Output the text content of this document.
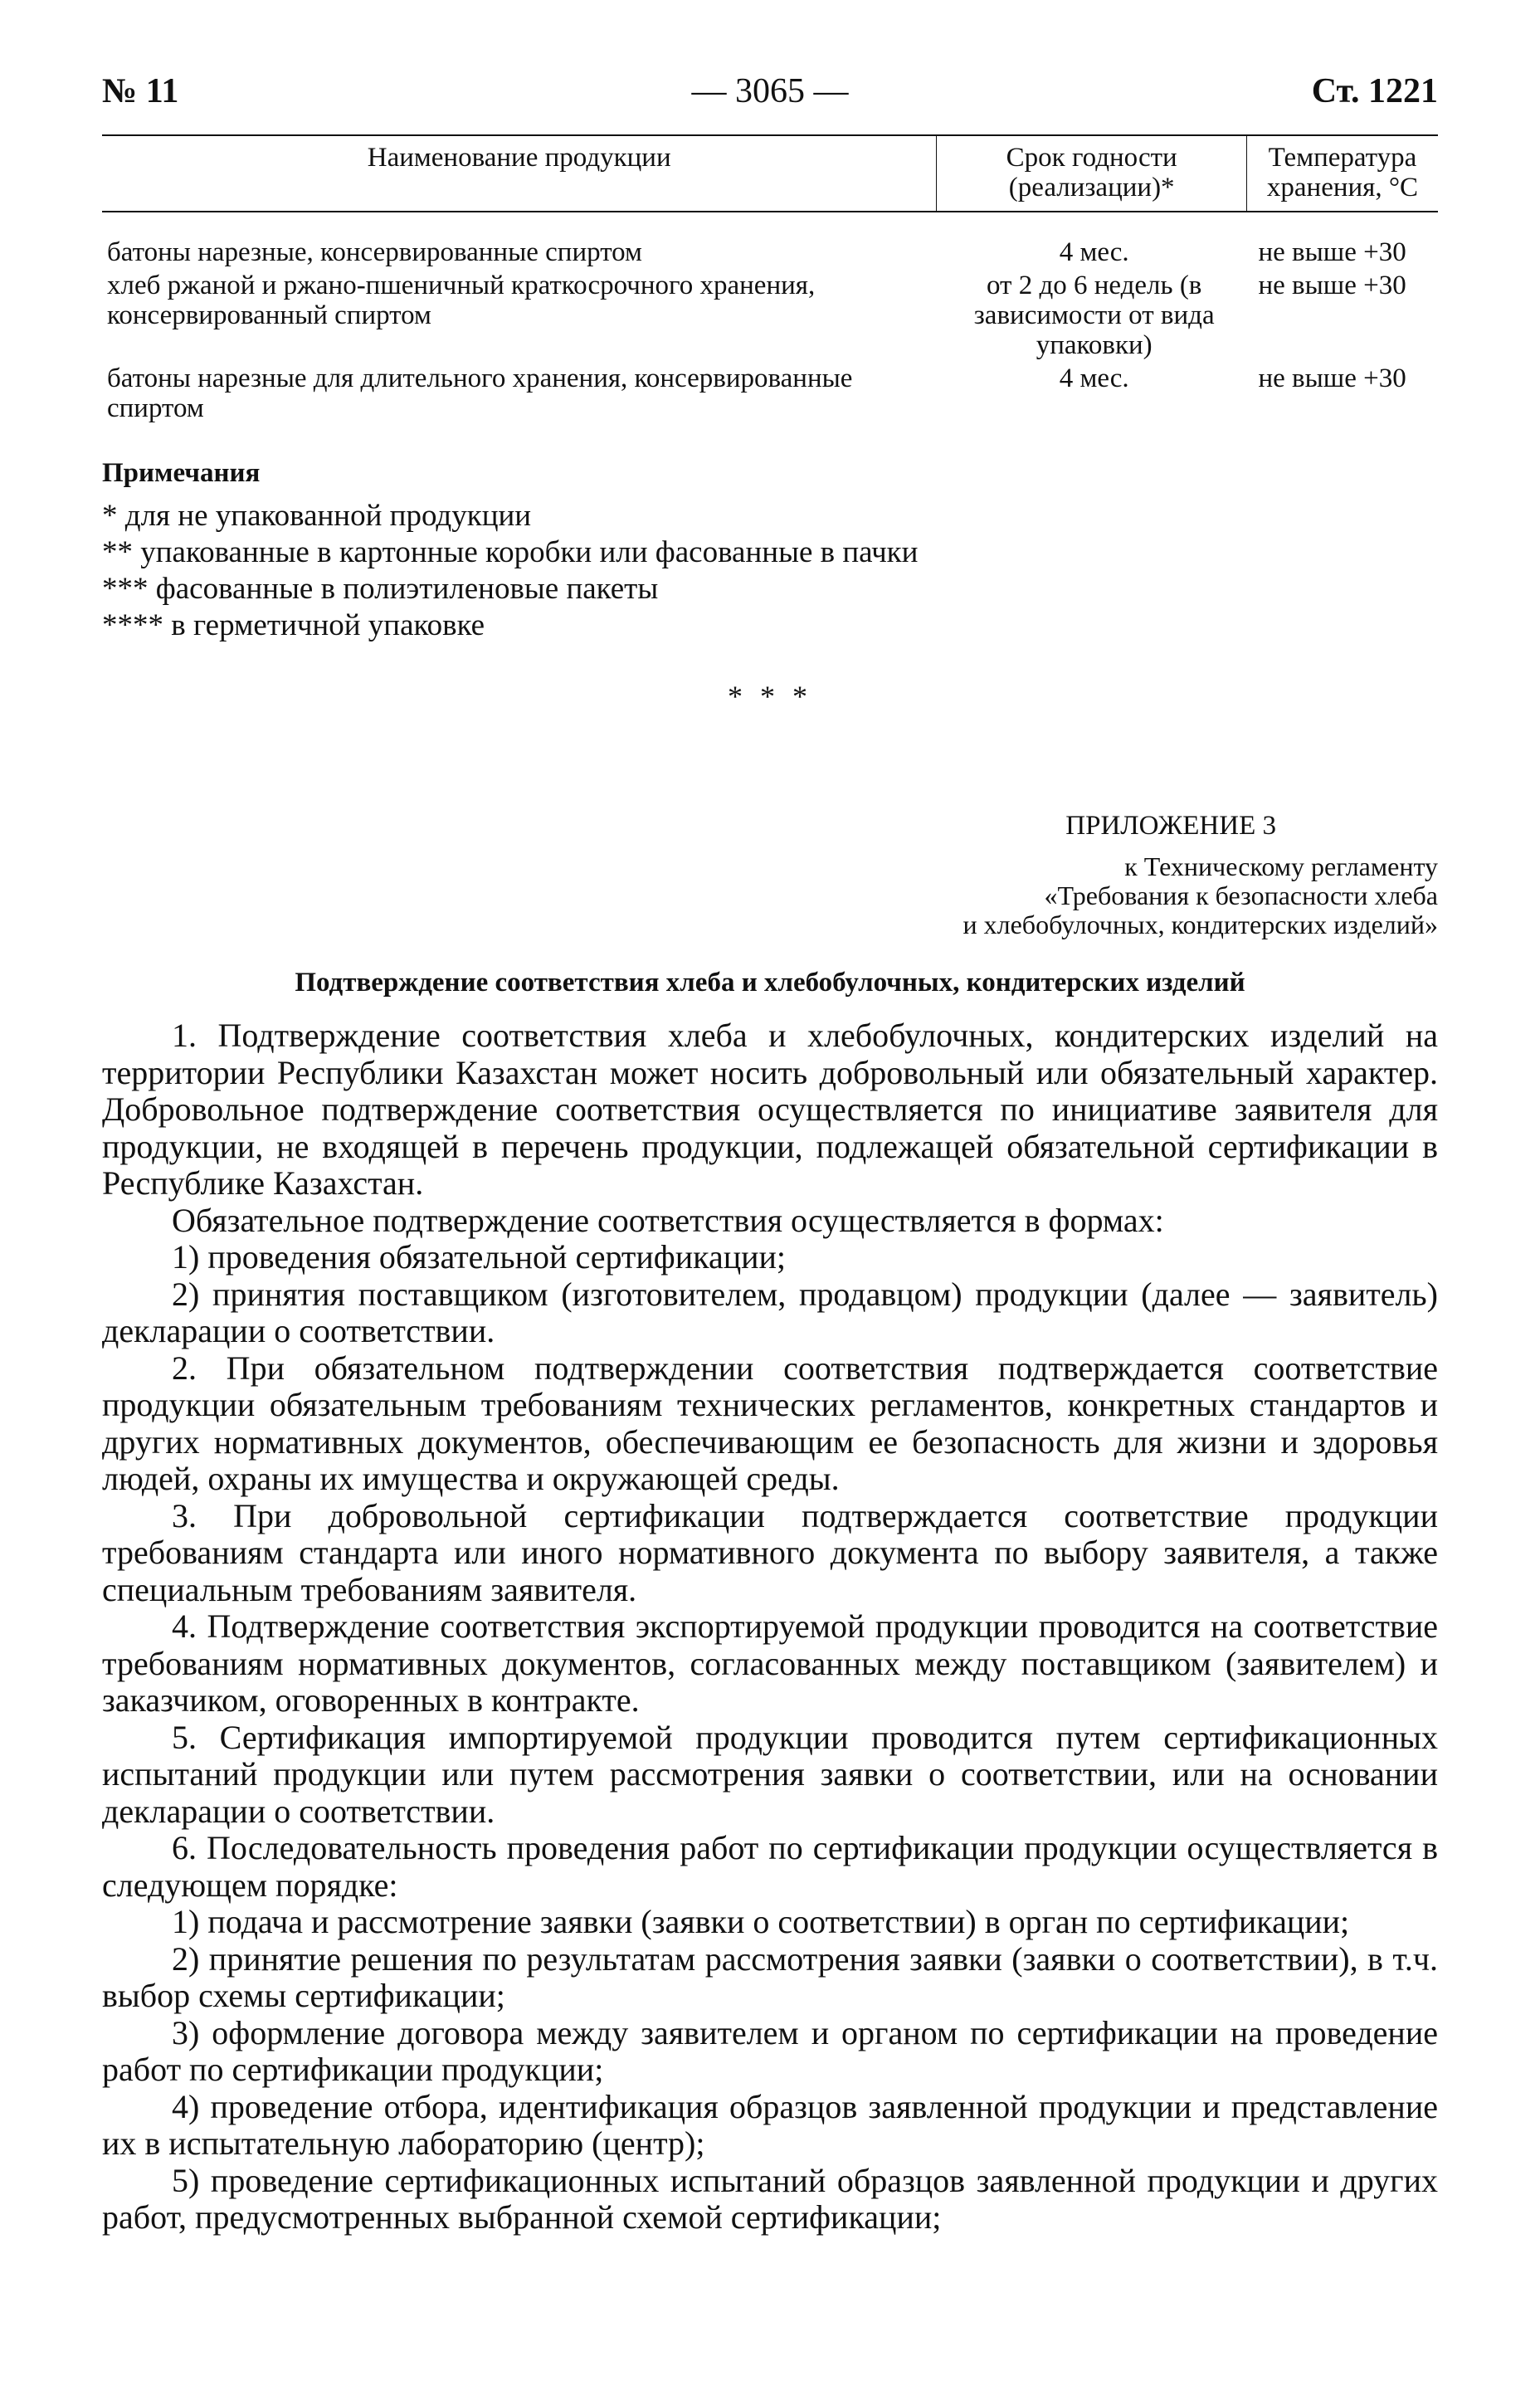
№ 11	— 3065 —	Ст. 1221
Наименование продукции	Срок годности (реализации)*	Температура хранения, °С
батоны нарезные, консервированные спиртом	4 мес.	не выше +30
хлеб ржаной и ржано-пшеничный краткосрочного хранения, консервированный спиртом	от 2 до 6 недель (в зависимости от вида упаковки)	не выше +30
батоны нарезные для длительного хранения, консервированные спиртом	4 мес.	не выше +30
Примечания
* для не упакованной продукции
** упакованные в картонные коробки или фасованные в пачки
*** фасованные в полиэтиленовые пакеты
**** в герметичной упаковке
* * *
ПРИЛОЖЕНИЕ 3
к Техническому регламенту
«Требования к безопасности хлеба
и хлебобулочных, кондитерских изделий»
Подтверждение соответствия хлеба и хлебобулочных, кондитерских изделий

1. Подтверждение соответствия хлеба и хлебобулочных, кондитерских изделий на территории Республики Казахстан может носить добровольный или обязательный характер. Добровольное подтверждение соответствия осуществляется по инициативе заявителя для продукции, не входящей в перечень продукции, подлежащей обязательной сертификации в Республике Казахстан.

Обязательное подтверждение соответствия осуществляется в формах:

1) проведения обязательной сертификации;

2) принятия поставщиком (изготовителем, продавцом) продукции (далее — заявитель) декларации о соответствии.

2. При обязательном подтверждении соответствия подтверждается соответствие продукции обязательным требованиям технических регламентов, конкретных стандартов и других нормативных документов, обеспечивающим ее безопасность для жизни и здоровья людей, охраны их имущества и окружающей среды.

3. При добровольной сертификации подтверждается соответствие продукции требованиям стандарта или иного нормативного документа по выбору заявителя, а также специальным требованиям заявителя.

4. Подтверждение соответствия экспортируемой продукции проводится на соответствие требованиям нормативных документов, согласованных между поставщиком (заявителем) и заказчиком, оговоренных в контракте.

5. Сертификация импортируемой продукции проводится путем сертификационных испытаний продукции или путем рассмотрения заявки о соответствии, или на основании декларации о соответствии.

6. Последовательность проведения работ по сертификации продукции осуществляется в следующем порядке:

1) подача и рассмотрение заявки (заявки о соответствии) в орган по сертификации;

2) принятие решения по результатам рассмотрения заявки (заявки о соответствии), в т.ч. выбор схемы сертификации;

3) оформление договора между заявителем и органом по сертификации на проведение работ по сертификации продукции;

4) проведение отбора, идентификация образцов заявленной продукции и представление их в испытательную лабораторию (центр);

5) проведение сертификационных испытаний образцов заявленной продукции и других работ, предусмотренных выбранной схемой сертификации;
